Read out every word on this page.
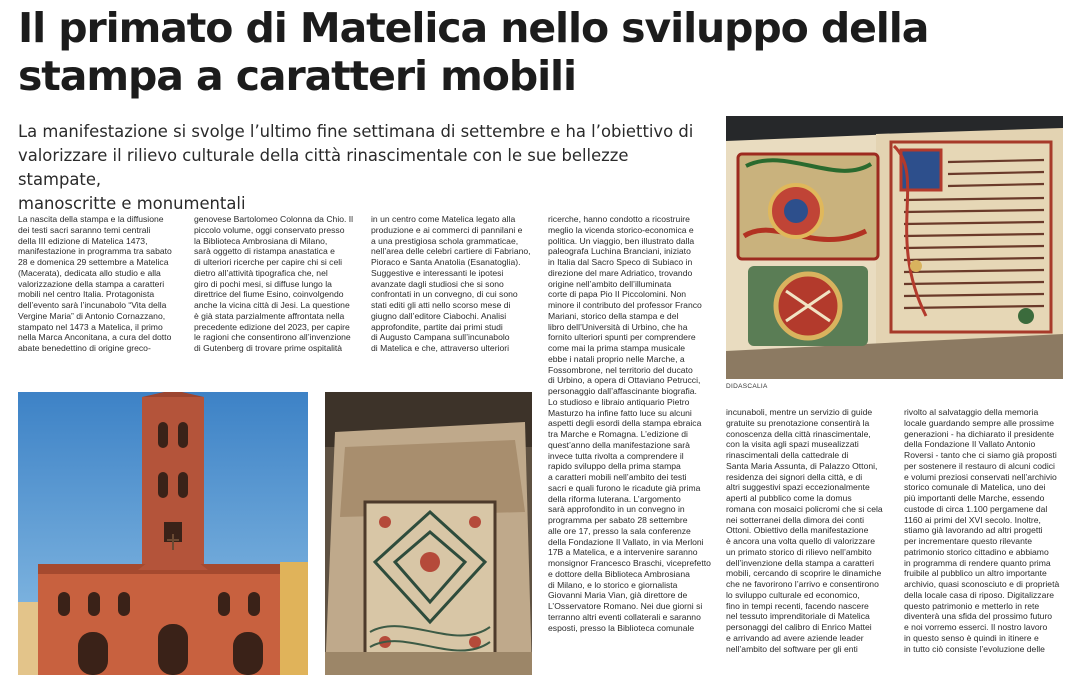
Il primato di Matelica nello sviluppo della
stampa a caratteri mobili
La manifestazione si svolge l’ultimo fine settimana di settembre e ha l’obiettivo di
valorizzare il rilievo culturale della città rinascimentale con le sue bellezze stampate,
manoscritte e monumentali
La nascita della stampa e la diffusione
dei testi sacri saranno temi centrali
della III edizione di Matelica 1473,
manifestazione in programma tra sabato
28 e domenica 29 settembre a Matelica
(Macerata), dedicata allo studio e alla
valorizzazione della stampa a caratteri
mobili nel centro Italia. Protagonista
dell’evento sarà l’incunabolo “Vita della
Vergine Maria” di Antonio Cornazzano,
stampato nel 1473 a Matelica, il primo
nella Marca Anconitana, a cura del dotto
abate benedettino di origine greco-
genovese Bartolomeo Colonna da Chio. Il
piccolo volume, oggi conservato presso
la Biblioteca Ambrosiana di Milano,
sarà oggetto di ristampa anastatica e
di ulteriori ricerche per capire chi si celi
dietro all’attività tipografica che, nel
giro di pochi mesi, si diffuse lungo la
direttrice del fiume Esino, coinvolgendo
anche la vicina città di Jesi. La questione
è già stata parzialmente affrontata nella
precedente edizione del 2023, per capire
le ragioni che consentirono all’invenzione
di Gutenberg di trovare prime ospitalità
in un centro come Matelica legato alla
produzione e ai commerci di pannilani e
a una prestigiosa schola grammaticae,
nell’area delle celebri cartiere di Fabriano,
Pioraco e Santa Anatolia (Esanatoglia).
Suggestive e interessanti le ipotesi
avanzate dagli studiosi che si sono
confrontati in un convegno, di cui sono
stati editi gli atti nello scorso mese di
giugno dall’editore Ciabochi. Analisi
approfondite, partite dai primi studi
di Augusto Campana sull’incunabolo
di Matelica e che, attraverso ulteriori
ricerche, hanno condotto a ricostruire
meglio la vicenda storico-economica e
politica. Un viaggio, ben illustrato dalla
paleografa Luchina Branciani, iniziato
in Italia dal Sacro Speco di Subiaco in
direzione del mare Adriatico, trovando
origine nell’ambito dell’illuminata
corte di papa Pio II Piccolomini. Non
minore il contributo del professor Franco
Mariani, storico della stampa e del
libro dell’Università di Urbino, che ha
fornito ulteriori spunti per comprendere
come mai la prima stampa musicale
ebbe i natali proprio nelle Marche, a
Fossombrone, nel territorio del ducato
di Urbino, a opera di Ottaviano Petrucci,
personaggio dall’affascinante biografia.
Lo studioso e libraio antiquario Pietro
Masturzo ha infine fatto luce su alcuni
aspetti degli esordi della stampa ebraica
tra Marche e Romagna. L’edizione di
quest’anno della manifestazione sarà
invece tutta rivolta a comprendere il
rapido sviluppo della prima stampa
a caratteri mobili nell’ambito dei testi
sacri e quali furono le ricadute già prima
della riforma luterana. L’argomento
sarà approfondito in un convegno in
programma per sabato 28 settembre
alle ore 17, presso la sala conferenze
della Fondazione Il Vallato, in via Merloni
17B a Matelica, e a intervenire saranno
monsignor Francesco Braschi, viceprefetto
e dottore della Biblioteca Ambrosiana
di Milano, e lo storico e giornalista
Giovanni Maria Vian, già direttore de
L’Osservatore Romano. Nei due giorni si
terranno altri eventi collaterali e saranno
esposti, presso la Biblioteca comunale
incunaboli, mentre un servizio di guide
gratuite su prenotazione consentirà la
conoscenza della città rinascimentale,
con la visita agli spazi musealizzati
rinascimentali della cattedrale di
Santa Maria Assunta, di Palazzo Ottoni,
residenza dei signori della città, e di
altri suggestivi spazi eccezionalmente
aperti al pubblico come la domus
romana con mosaici policromi che si cela
nei sotterranei della dimora dei conti
Ottoni. Obiettivo della manifestazione
è ancora una volta quello di valorizzare
un primato storico di rilievo nell’ambito
dell’invenzione della stampa a caratteri
mobili, cercando di scoprire le dinamiche
che ne favorirono l’arrivo e consentirono
lo sviluppo culturale ed economico,
fino in tempi recenti, facendo nascere
nel tessuto imprenditoriale di Matelica
personaggi del calibro di Enrico Mattei
e arrivando ad avere aziende leader
nell’ambito del software per gli enti
rivolto al salvataggio della memoria
locale guardando sempre alle prossime
generazioni - ha dichiarato il presidente
della Fondazione Il Vallato Antonio
Roversi - tanto che ci siamo già proposti
per sostenere il restauro di alcuni codici
e volumi preziosi conservati nell’archivio
storico comunale di Matelica, uno dei
più importanti delle Marche, essendo
custode di circa 1.100 pergamene dal
1160 ai primi del XVI secolo. Inoltre,
stiamo già lavorando ad altri progetti
per incrementare questo rilevante
patrimonio storico cittadino e abbiamo
in programma di rendere quanto prima
fruibile al pubblico un altro importante
archivio, quasi sconosciuto e di proprietà
della locale casa di riposo. Digitalizzare
questo patrimonio e metterlo in rete
diventerà una sfida del prossimo futuro
e noi vorremo esserci. Il nostro lavoro
in questo senso è quindi in itinere e
in tutto ciò consiste l’evoluzione delle
DIDASCALIA
